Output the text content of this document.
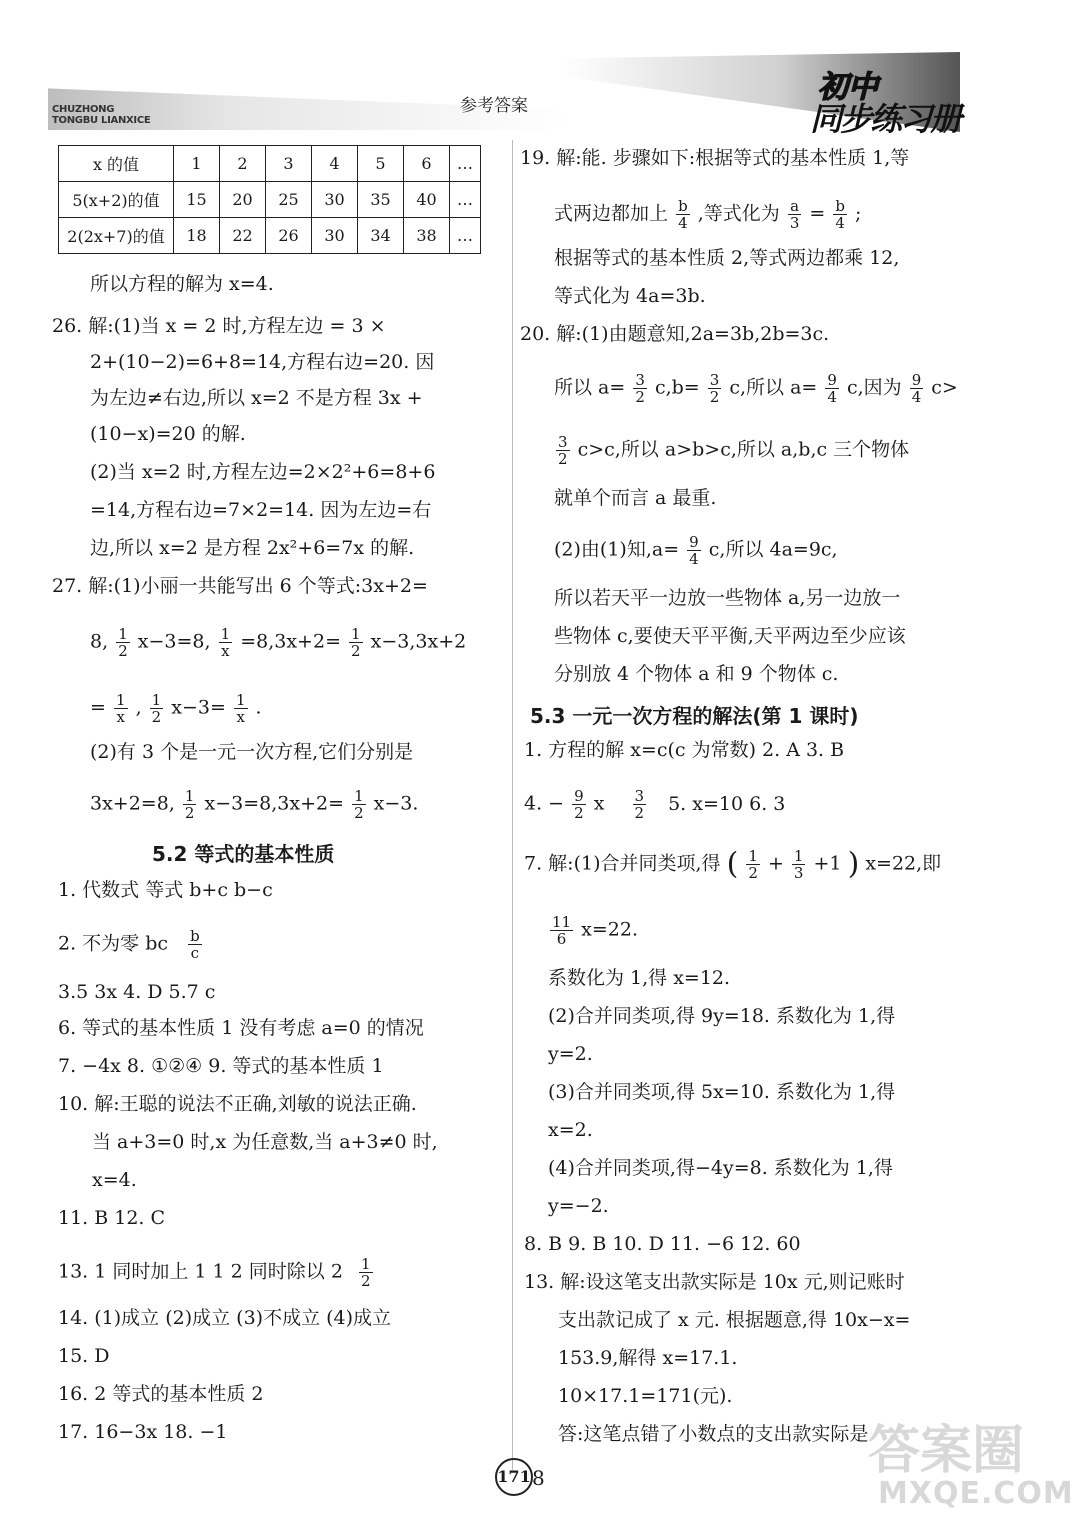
CHUZHONG
TONGBU LIANXICE
参考答案
初中
同步练习册
x 的值	1	2	3	4	5	6	…
5(x+2)的值	15	20	25	30	35	40	…
2(2x+7)的值	18	22	26	30	34	38	…
所以方程的解为 x=4.
26. 解:(1)当 x = 2 时,方程左边 = 3 ×
2+(10−2)=6+8=14,方程右边=20. 因
为左边≠右边,所以 x=2 不是方程 3x +
(10−x)=20 的解.
(2)当 x=2 时,方程左边=2×2²+6=8+6
=14,方程右边=7×2=14. 因为左边=右
边,所以 x=2 是方程 2x²+6=7x 的解.
27. 解:(1)小丽一共能写出 6 个等式:3x+2=
8, $\frac{1}{2} x-3=8$, $\frac{1}{x} =8,3x+2= \frac{1}{2} x-3,3x+2$
= $\frac{1}{x}$ , $\frac{1}{2} x-3= \frac{1}{x}$ .
(2)有 3 个是一元一次方程,它们分别是
3x+2=8, $\frac{1}{2} x-3=8,3x+2= \frac{1}{2} x-3$.
5.2 等式的基本性质
1. 代数式 等式 b+c b−c
2. 不为零 bc $\frac{b}{c}$
3.5 3x 4. D 5.7 c
6. 等式的基本性质 1 没有考虑 a=0 的情况
7. −4x 8. ①②④ 9. 等式的基本性质 1
10. 解:王聪的说法不正确,刘敏的说法正确.
当 a+3=0 时,x 为任意数,当 a+3≠0 时,
x=4.
11. B 12. C
13. 1 同时加上 1 1 2 同时除以 $2 \frac{1}{2}$
14. (1)成立 (2)成立 (3)不成立 (4)成立
15. D
16. 2 等式的基本性质 2
17. 16−3x 18. −1
19. 解:能. 步骤如下:根据等式的基本性质 1,等
式两边都加上 $\frac{b}{4}$ ,等式化为 $\frac{a}{3} = \frac{b}{4}$ ;
根据等式的基本性质 2,等式两边都乘 12,
等式化为 4a=3b.
20. 解:(1)由题意知,2a=3b,2b=3c.
所以 $a= \frac{3}{2} c,b= \frac{3}{2} c$,所以 $a= \frac{9}{4} c$,因为 $\frac{9}{4} c>$
$\frac{3}{2} c>c$,所以 a>b>c,所以 a,b,c 三个物体
就单个而言 a 最重.
(2)由(1)知$,a= \frac{9}{4} c$,所以 4a=9c,
所以若天平一边放一些物体 a,另一边放一
些物体 c,要使天平平衡,天平两边至少应该
分别放 4 个物体 a 和 9 个物体 c.
5.3 一元一次方程的解法(第 1 课时)
1. 方程的解 x=c(c 为常数) 2. A 3. B
4. − $\frac{9}{2}$ x $\frac{3}{2} 5$. x=10 6. 3
7. 解:(1)合并同类项,得 ( $\frac{1}{2} + \frac{1}{3} +1$ ) x=22,即
$\frac{11}{6} x=22$.
系数化为 1,得 x=12.
(2)合并同类项,得 9y=18. 系数化为 1,得
y=2.
(3)合并同类项,得 5x=10. 系数化为 1,得
x=2.
(4)合并同类项,得−4y=8. 系数化为 1,得
y=−2.
8. B 9. B 10. D 11. −6 12. 60
13. 解:设这笔支出款实际是 10x 元,则记账时
支出款记成了 x 元. 根据题意,得 10x−x=
153.9,解得 x=17.1.
10×17.1=171(元).
答:这笔点错了小数点的支出款实际是
171 8	答案圈
MXQE.COM
